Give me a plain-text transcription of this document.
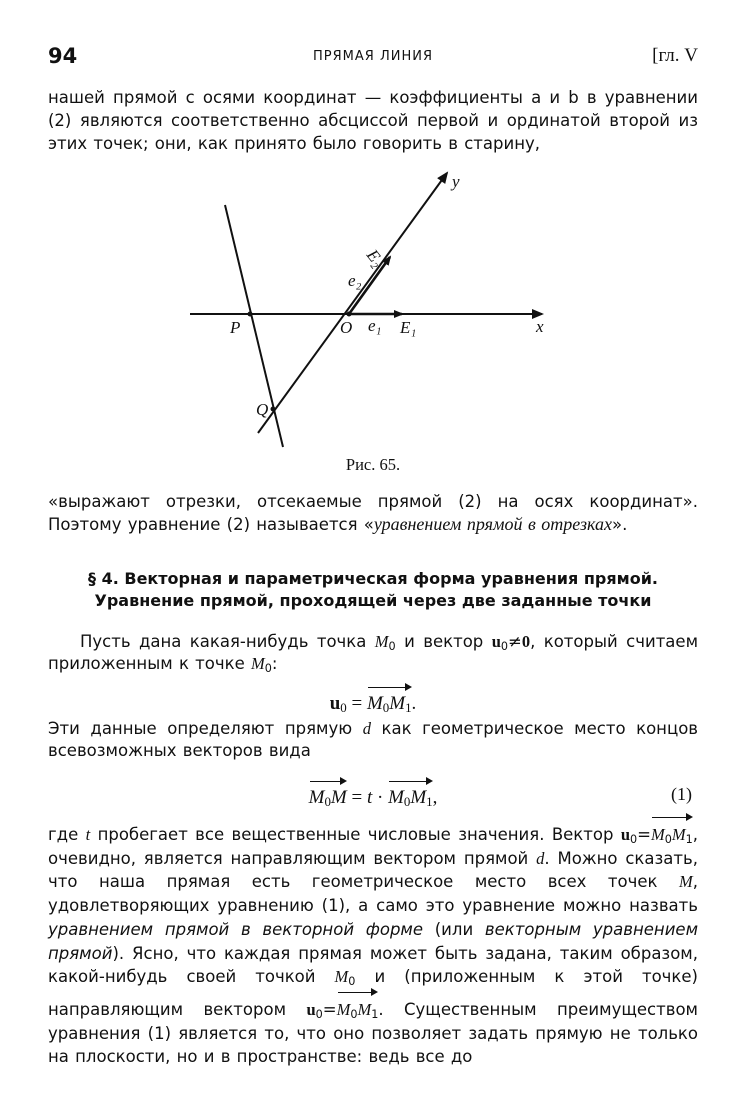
94	ПРЯМАЯ ЛИНИЯ	[гл. V
нашей прямой с осями координат — коэффициенты a и b в уравнении (2) являются соответственно абсциссой первой и ординатой второй из этих точек; они, как принято было говорить в старину,
y
x
E₂
e₂
P	O e₁ E₁
Q
Рис. 65.
«выражают отрезки, отсекаемые прямой (2) на осях координат». Поэтому уравнение (2) называется «уравнением прямой в отрезках».
§ 4. Векторная и параметрическая форма уравнения прямой.
Уравнение прямой, проходящей через две заданные точки
Пусть дана какая-нибудь точка $M_0$ и вектор $u_0\ne 0$, который считаем приложенным к точке $M_0$:
$u_0 = M_0M_1$.
Эти данные определяют прямую d как геометрическое место концов всевозможных векторов вида
$M_0M = t \cdot M_0M_1$,	(1)
где t пробегает все вещественные числовые значения. Вектор $u_0=M_0M_1$, очевидно, является направляющим вектором прямой d. Можно сказать, что наша прямая есть геометрическое место всех точек M, удовлетворяющих уравнению (1), а само это уравнение можно назвать уравнением прямой в векторной форме (или векторным уравнением прямой). Ясно, что каждая прямая может быть задана, таким образом, какой-нибудь своей точкой $M_0$ и (приложенным к этой точке) направляющим вектором $u_0=M_0M_1$. Существенным преимуществом уравнения (1) является то, что оно позволяет задать прямую не только на плоскости, но и в пространстве: ведь все до
